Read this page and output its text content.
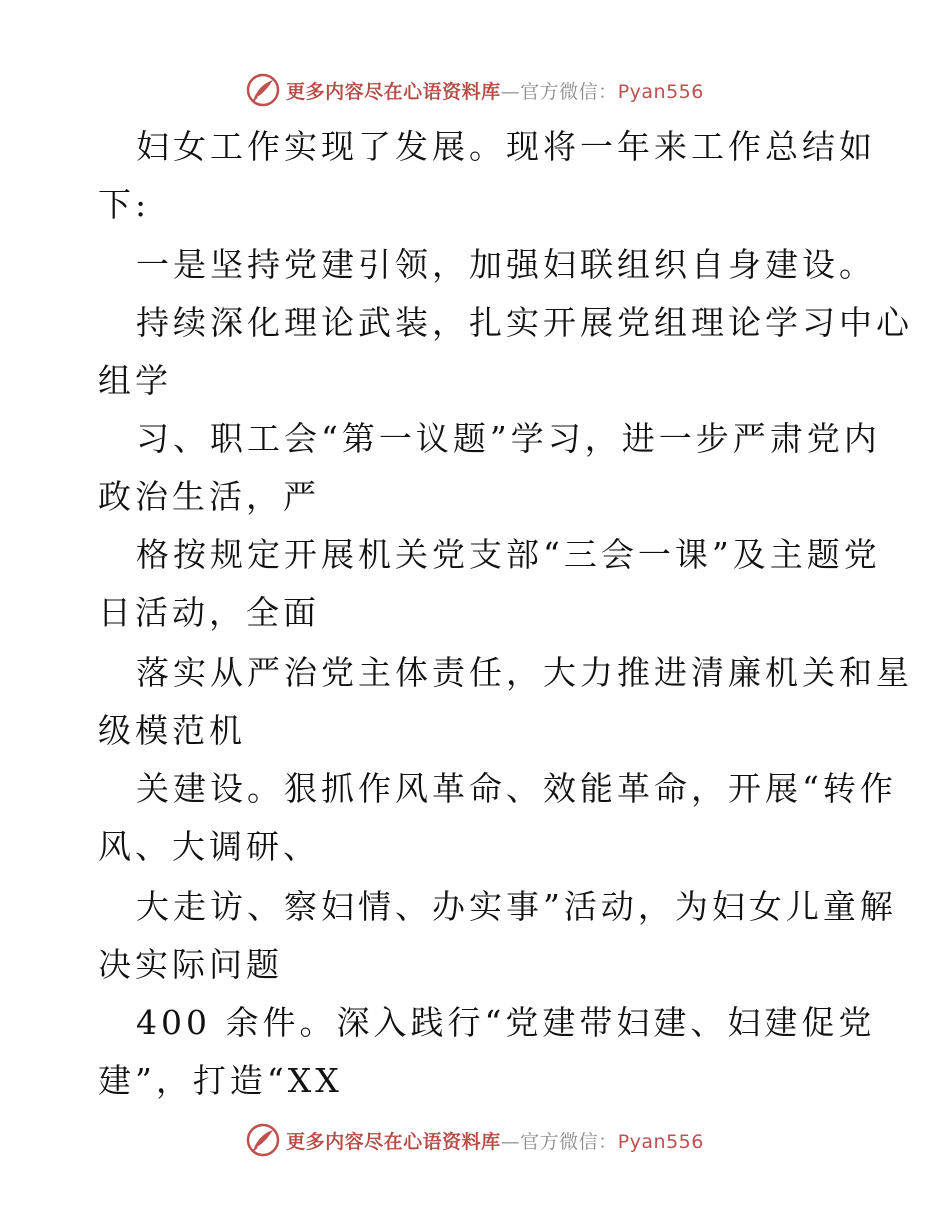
更多内容尽在心语资料库—官方微信：Pyan556
妇女工作实现了发展。现将一年来工作总结如
下:
一是坚持党建引领，加强妇联组织自身建设。
持续深化理论武装，扎实开展党组理论学习中心
组学
习、职工会“第一议题”学习，进一步严肃党内
政治生活，严
格按规定开展机关党支部“三会一课”及主题党
日活动，全面
落实从严治党主体责任，大力推进清廉机关和星
级模范机
关建设。狠抓作风革命、效能革命，开展“转作
风、大调研、
大走访、察妇情、办实事”活动，为妇女儿童解
决实际问题
400 余件。深入践行“党建带妇建、妇建促党
建”，打造“XX
更多内容尽在心语资料库—官方微信：Pyan556
